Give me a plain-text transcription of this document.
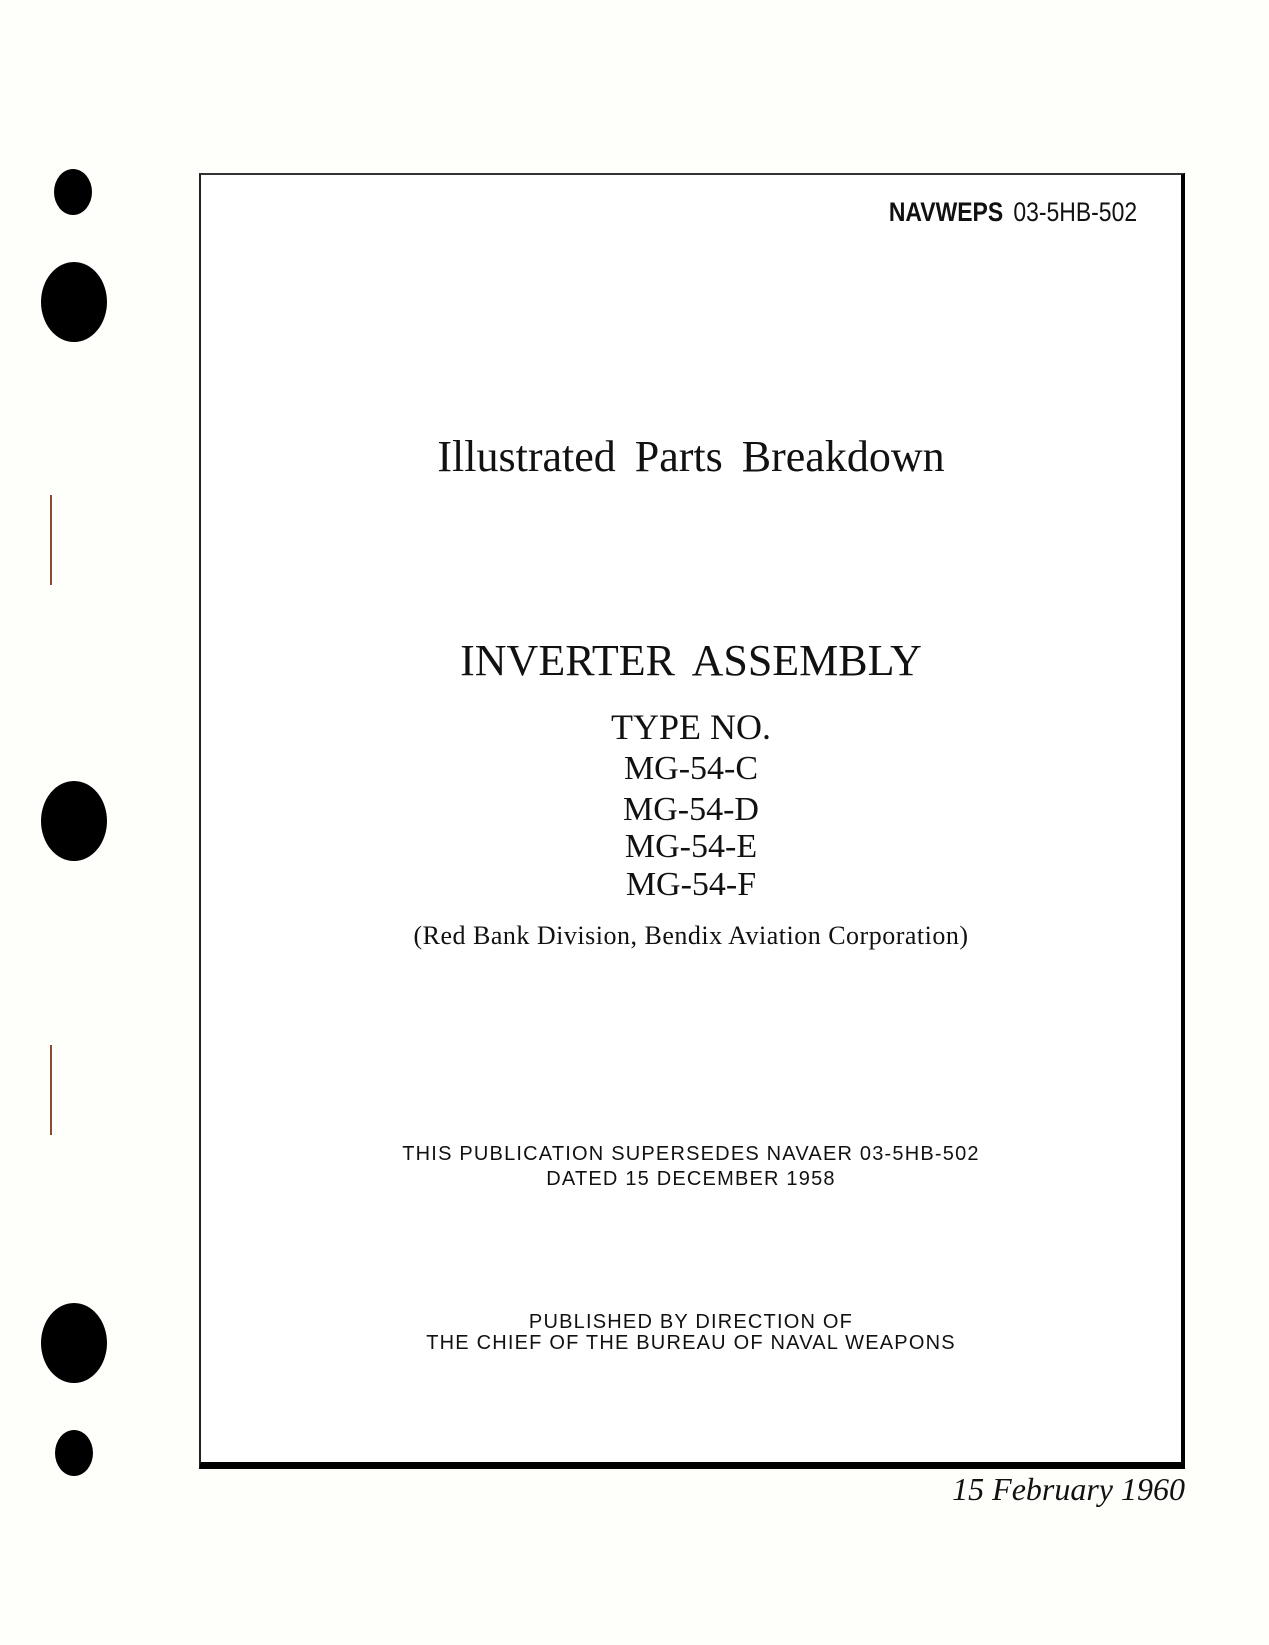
NAVWEPS 03-5HB-502
Illustrated Parts Breakdown
INVERTER ASSEMBLY
TYPE NO.
MG-54-C
MG-54-D
MG-54-E
MG-54-F
(Red Bank Division, Bendix Aviation Corporation)
THIS PUBLICATION SUPERSEDES NAVAER 03-5HB-502
DATED 15 DECEMBER 1958
PUBLISHED BY DIRECTION OF
THE CHIEF OF THE BUREAU OF NAVAL WEAPONS
15 February 1960
